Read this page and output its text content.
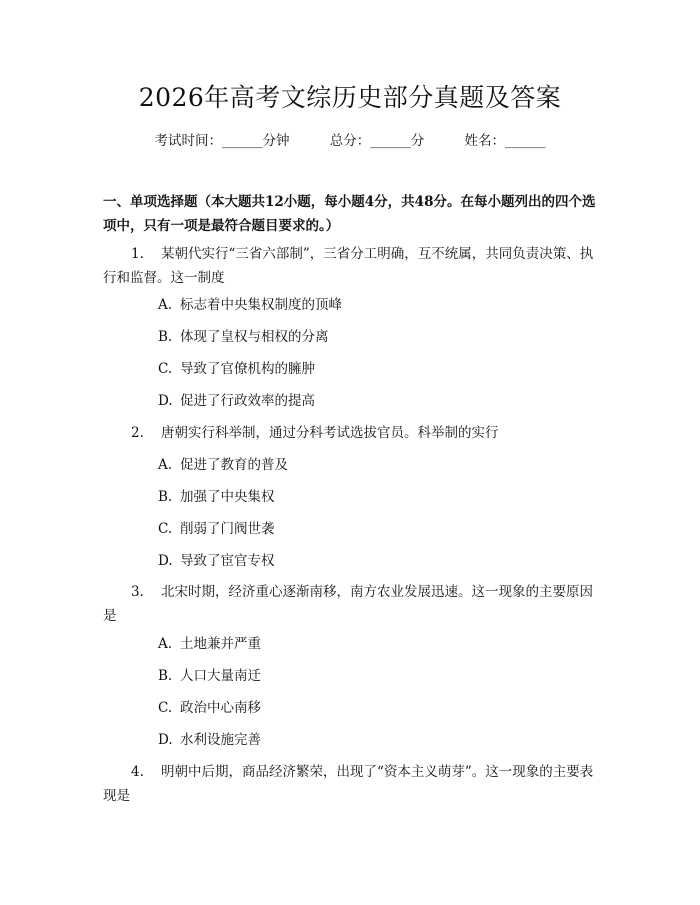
2026年高考文综历史部分真题及答案
考试时间：______分钟	总分：______分	姓名：______
一、单项选择题（本大题共12小题，每小题4分，共48分。在每小题列出的四个选项中，只有一项是最符合题目要求的。）
1. 某朝代实行“三省六部制”，三省分工明确，互不统属，共同负责决策、执行和监督。这一制度
A. 标志着中央集权制度的顶峰
B. 体现了皇权与相权的分离
C. 导致了官僚机构的臃肿
D. 促进了行政效率的提高
2. 唐朝实行科举制，通过分科考试选拔官员。科举制的实行
A. 促进了教育的普及
B. 加强了中央集权
C. 削弱了门阀世袭
D. 导致了宦官专权
3. 北宋时期，经济重心逐渐南移，南方农业发展迅速。这一现象的主要原因是
A. 土地兼并严重
B. 人口大量南迁
C. 政治中心南移
D. 水利设施完善
4. 明朝中后期，商品经济繁荣，出现了“资本主义萌芽”。这一现象的主要表现是
